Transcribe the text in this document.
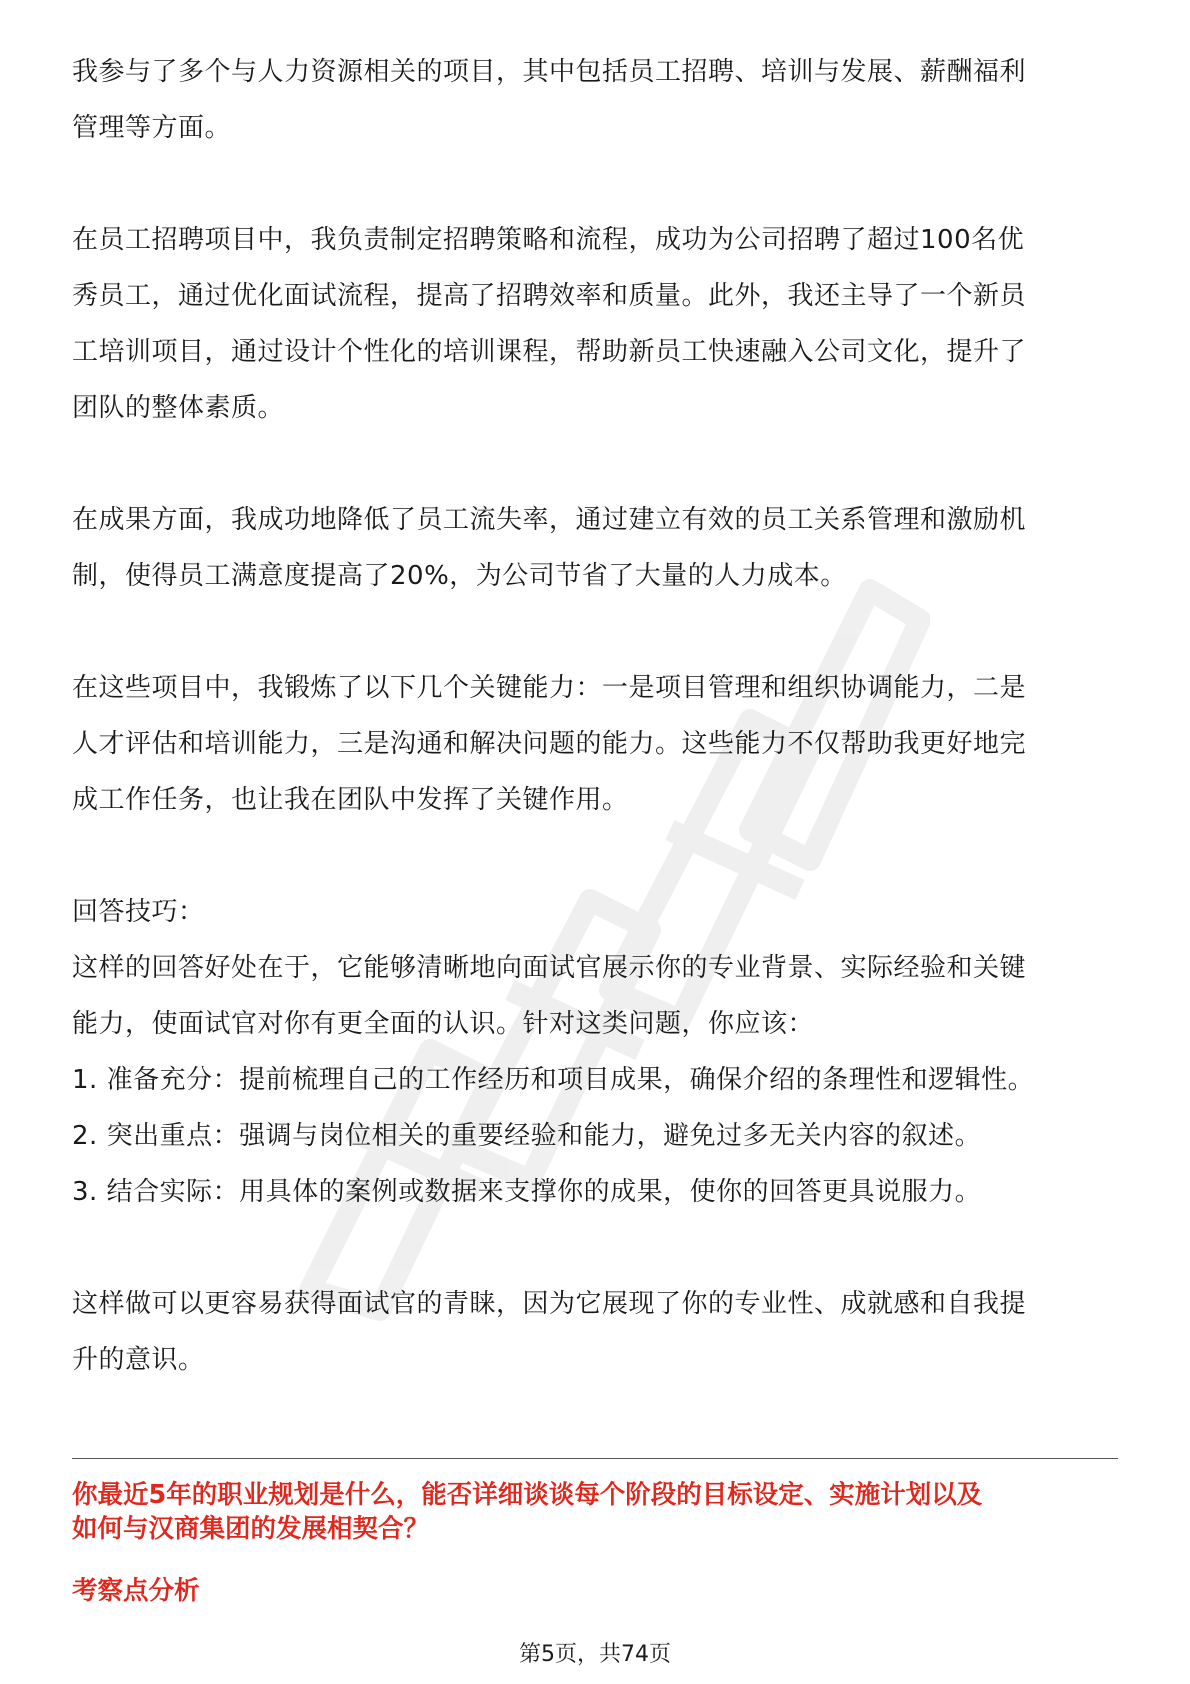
我参与了多个与人力资源相关的项目，其中包括员工招聘、培训与发展、薪酬福利
管理等方面。

在员工招聘项目中，我负责制定招聘策略和流程，成功为公司招聘了超过100名优
秀员工，通过优化面试流程，提高了招聘效率和质量。此外，我还主导了一个新员
工培训项目，通过设计个性化的培训课程，帮助新员工快速融入公司文化，提升了
团队的整体素质。

在成果方面，我成功地降低了员工流失率，通过建立有效的员工关系管理和激励机
制，使得员工满意度提高了20%，为公司节省了大量的人力成本。

在这些项目中，我锻炼了以下几个关键能力：一是项目管理和组织协调能力，二是
人才评估和培训能力，三是沟通和解决问题的能力。这些能力不仅帮助我更好地完
成工作任务，也让我在团队中发挥了关键作用。

回答技巧：
这样的回答好处在于，它能够清晰地向面试官展示你的专业背景、实际经验和关键
能力，使面试官对你有更全面的认识。针对这类问题，你应该：
1. 准备充分：提前梳理自己的工作经历和项目成果，确保介绍的条理性和逻辑性。
2. 突出重点：强调与岗位相关的重要经验和能力，避免过多无关内容的叙述。
3. 结合实际：用具体的案例或数据来支撑你的成果，使你的回答更具说服力。

这样做可以更容易获得面试官的青睐，因为它展现了你的专业性、成就感和自我提
升的意识。

你最近5年的职业规划是什么，能否详细谈谈每个阶段的目标设定、实施计划以及
如何与汉商集团的发展相契合？

考察点分析

第5页，共74页
